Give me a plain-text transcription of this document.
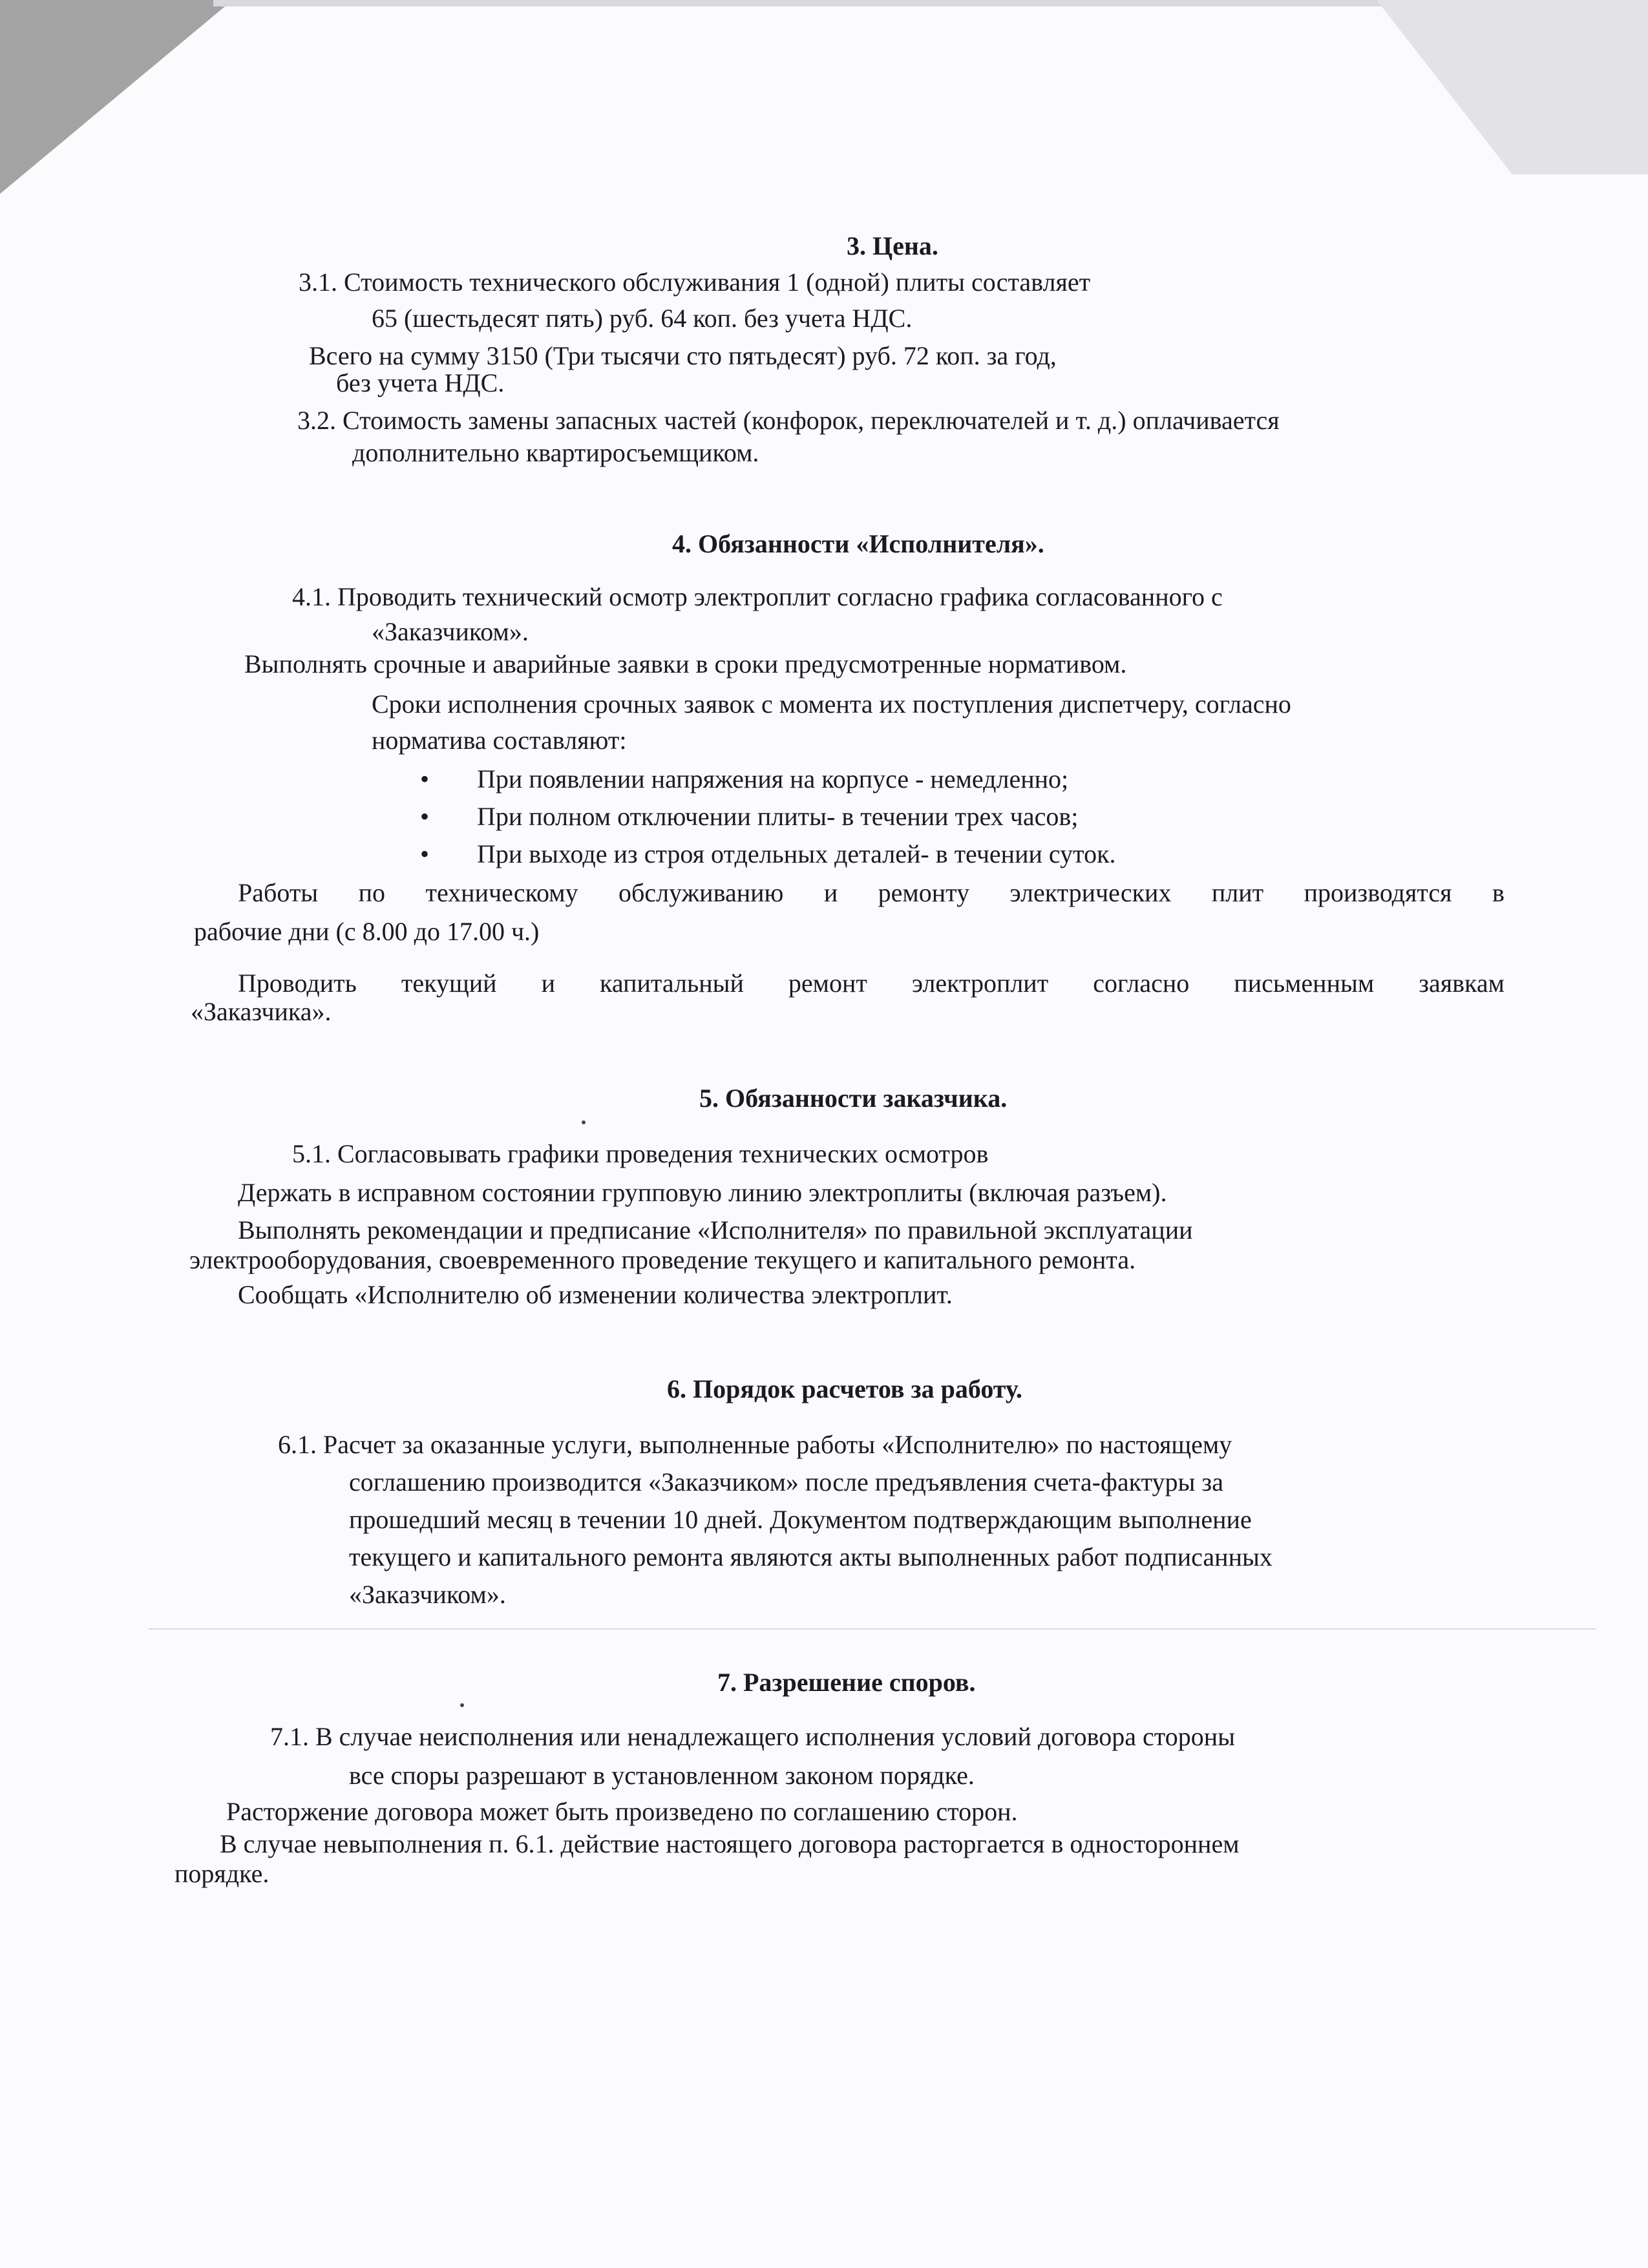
3. Цена.
3.1. Стоимость технического обслуживания 1 (одной) плиты составляет
65 (шестьдесят пять) руб. 64 коп. без учета НДС.
Всего на сумму 3150 (Три тысячи сто пятьдесят) руб. 72 коп. за год,
без учета НДС.
3.2. Стоимость замены запасных частей (конфорок, переключателей и т. д.) оплачивается
дополнительно квартиросъемщиком.
4. Обязанности «Исполнителя».
4.1. Проводить технический осмотр электроплит согласно графика согласованного с
«Заказчиком».
Выполнять срочные и аварийные заявки в сроки предусмотренные нормативом.
Сроки исполнения срочных заявок с момента их поступления диспетчеру, согласно
норматива составляют:
• При появлении напряжения на корпусе - немедленно;
• При полном отключении плиты- в течении трех часов;
• При выходе из строя отдельных деталей- в течении суток.
Работы по техническому обслуживанию и ремонту электрических плит производятся в
рабочие дни (с 8.00 до 17.00 ч.)
Проводить текущий и капитальный ремонт электроплит согласно письменным заявкам
«Заказчика».
5. Обязанности заказчика.
5.1. Согласовывать графики проведения технических осмотров
Держать в исправном состоянии групповую линию электроплиты (включая разъем).
Выполнять рекомендации и предписание «Исполнителя» по правильной эксплуатации
электрооборудования, своевременного проведение текущего и капитального ремонта.
Сообщать «Исполнителю об изменении количества электроплит.
6. Порядок расчетов за работу.
6.1. Расчет за оказанные услуги, выполненные работы «Исполнителю» по настоящему
соглашению производится «Заказчиком» после предъявления счета-фактуры за
прошедший месяц в течении 10 дней. Документом подтверждающим выполнение
текущего и капитального ремонта являются акты выполненных работ подписанных
«Заказчиком».
7. Разрешение споров.
7.1. В случае неисполнения или ненадлежащего исполнения условий договора стороны
все споры разрешают в установленном законом порядке.
Расторжение договора может быть произведено по соглашению сторон.
В случае невыполнения п. 6.1. действие настоящего договора расторгается в одностороннем
порядке.
